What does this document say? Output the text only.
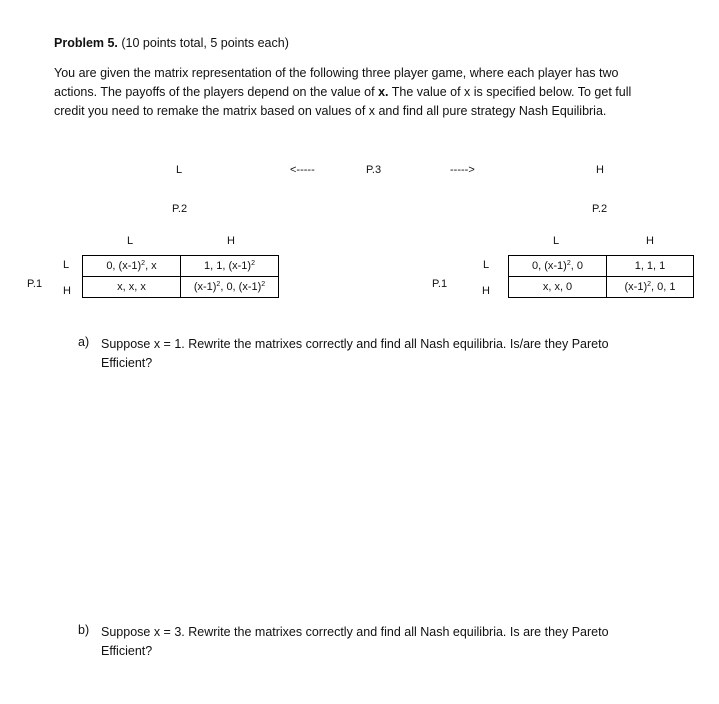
Problem 5. (10 points total, 5 points each)
You are given the matrix representation of the following three player game, where each player has two
actions. The payoffs of the players depend on the value of x. The value of x is specified below. To get full
credit you need to remake the matrix based on values of x and find all pure strategy Nash Equilibria.
L	<-----	P.3	----->	H
P.2
L	H
P.1
L
H
0, $(x-1)^2$, x	1, 1, $(x-1)^2$
x, x, x	$(x-1)^2$, 0, $(x-1)^2$
P.2
L	H
P.1
L
H
0, $(x-1)^2$, 0	1, 1, 1
x, x, 0	$(x-1)^2$, 0, 1
a) Suppose x = 1. Rewrite the matrixes correctly and find all Nash equilibria. Is/are they Pareto
Efficient?
b) Suppose x = 3. Rewrite the matrixes correctly and find all Nash equilibria. Is are they Pareto
Efficient?
